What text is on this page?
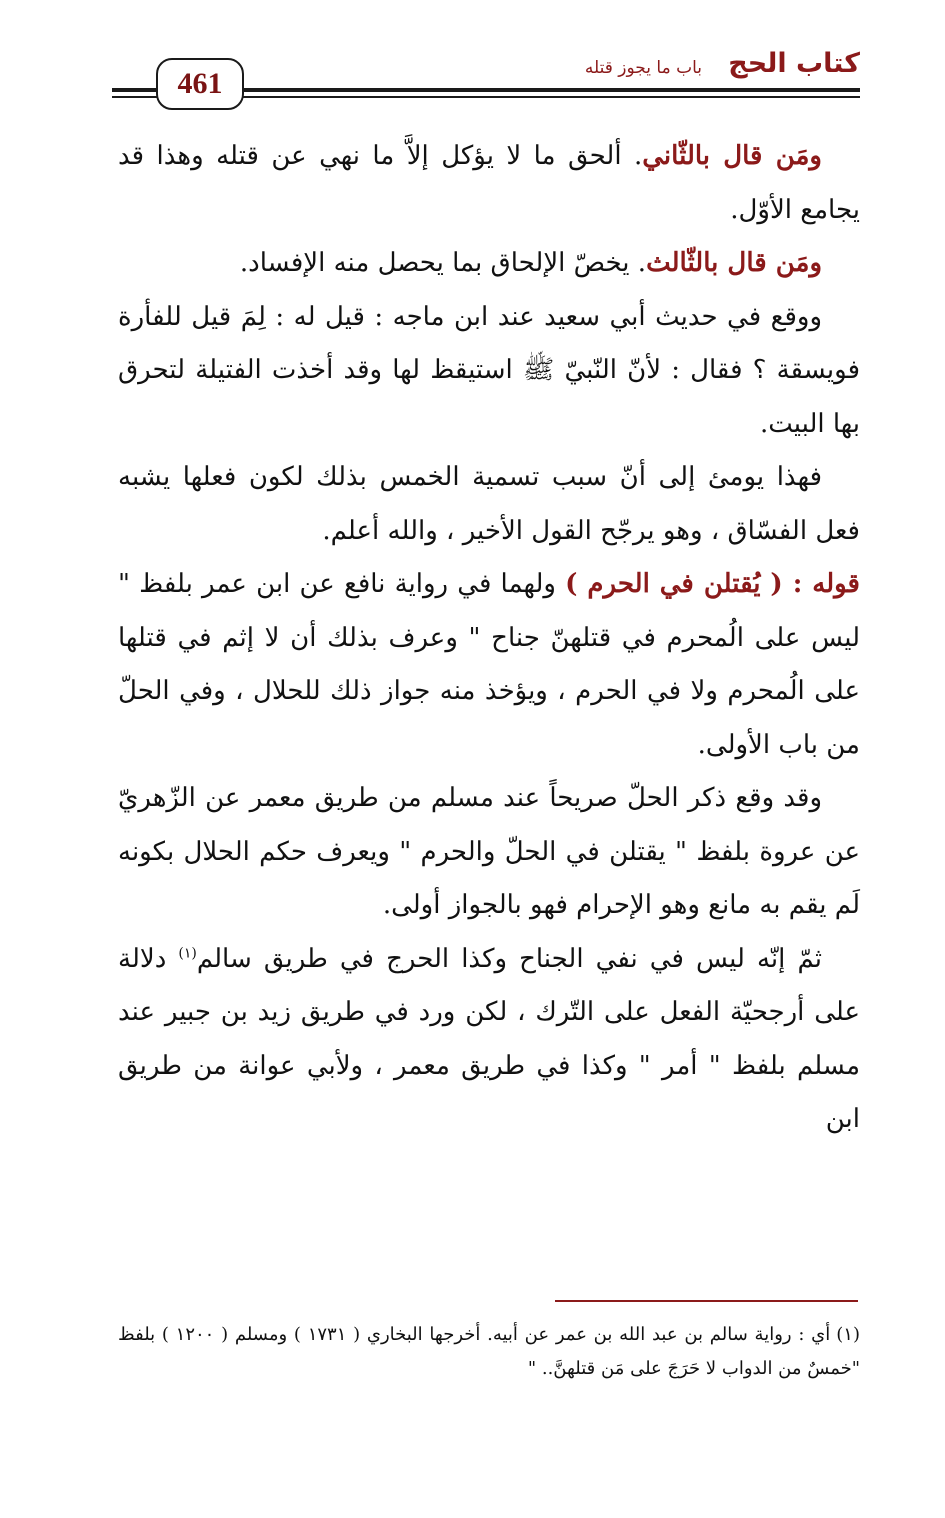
461
كتاب الحج
باب ما يجوز قتله

ومَن قال بالثّاني. ألحق ما لا يؤكل إلاَّ ما نهي عن قتله وهذا قد يجامع الأوّل.

ومَن قال بالثّالث. يخصّ الإلحاق بما يحصل منه الإفساد.

ووقع في حديث أبي سعيد عند ابن ماجه : قيل له : لِمَ قيل للفأرة فويسقة ؟ فقال : لأنّ النّبيّ ﷺ استيقظ لها وقد أخذت الفتيلة لتحرق بها البيت.

فهذا يومئ إلى أنّ سبب تسمية الخمس بذلك لكون فعلها يشبه فعل الفسّاق ، وهو يرجّح القول الأخير ، والله أعلم.

قوله : ( يُقتلن في الحرم ) ولهما في رواية نافع عن ابن عمر بلفظ " ليس على الُمحرم في قتلهنّ جناح " وعرف بذلك أن لا إثم في قتلها على الُمحرم ولا في الحرم ، ويؤخذ منه جواز ذلك للحلال ، وفي الحلّ من باب الأولى.

وقد وقع ذكر الحلّ صريحاً عند مسلم من طريق معمر عن الزّهريّ عن عروة بلفظ " يقتلن في الحلّ والحرم " ويعرف حكم الحلال بكونه لَم يقم به مانع وهو الإحرام فهو بالجواز أولى.

ثمّ إنّه ليس في نفي الجناح وكذا الحرج في طريق سالم$^{(١)}$ دلالة على أرجحيّة الفعل على التّرك ، لكن ورد في طريق زيد بن جبير عند مسلم بلفظ " أمر " وكذا في طريق معمر ، ولأبي عوانة من طريق ابن

(١)أي : رواية سالم بن عبد الله بن عمر عن أبيه. أخرجها البخاري ( ١٧٣١ ) ومسلم ( ١٢٠٠ ) بلفظ "خمسٌ من الدواب لا حَرَجَ على مَن قتلهنَّ.. "
